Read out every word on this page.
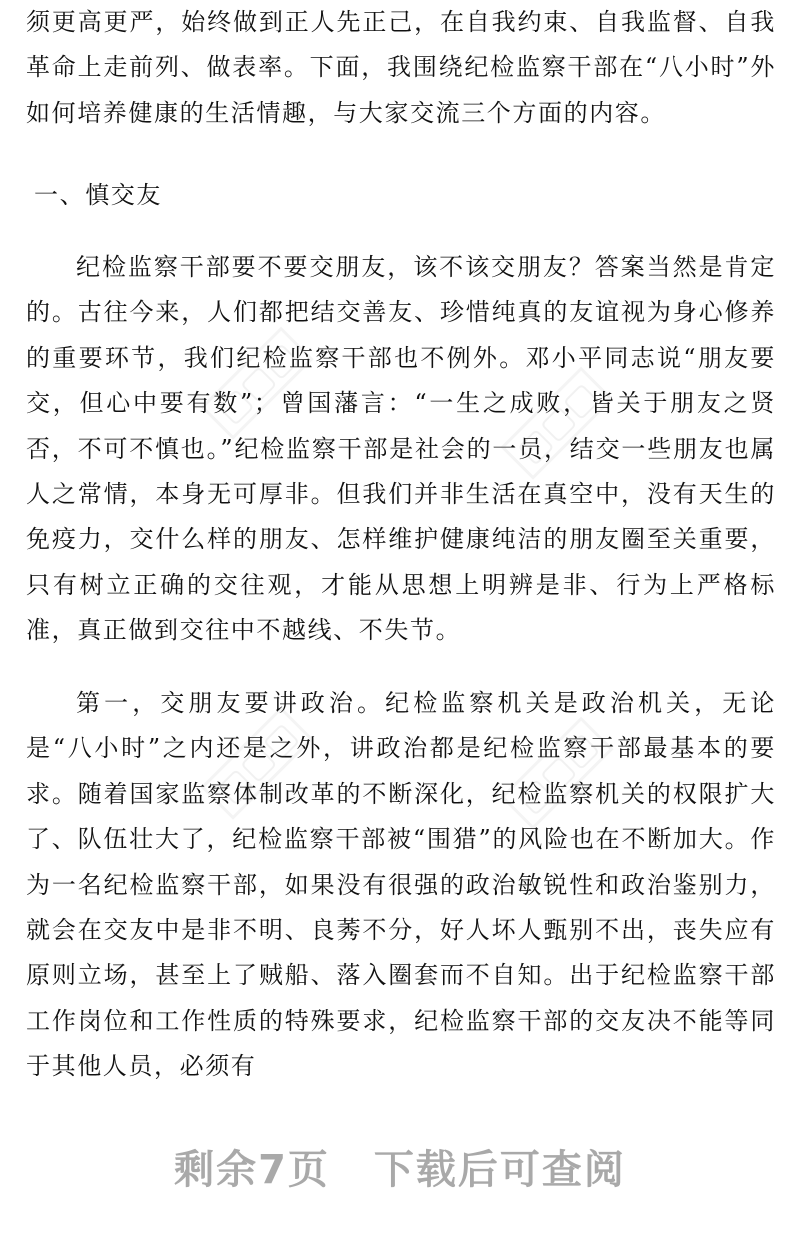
须更高更严，始终做到正人先正己，在自我约束、自我监督、自我革命上走前列、做表率。下面，我围绕纪检监察干部在“八小时”外如何培养健康的生活情趣，与大家交流三个方面的内容。

一、慎交友

纪检监察干部要不要交朋友，该不该交朋友？答案当然是肯定的。古往今来，人们都把结交善友、珍惜纯真的友谊视为身心修养的重要环节，我们纪检监察干部也不例外。邓小平同志说“朋友要交，但心中要有数”；曾国藩言：“一生之成败，皆关于朋友之贤否，不可不慎也。”纪检监察干部是社会的一员，结交一些朋友也属人之常情，本身无可厚非。但我们并非生活在真空中，没有天生的免疫力，交什么样的朋友、怎样维护健康纯洁的朋友圈至关重要，只有树立正确的交往观，才能从思想上明辨是非、行为上严格标准，真正做到交往中不越线、不失节。

第一，交朋友要讲政治。纪检监察机关是政治机关，无论是“八小时”之内还是之外，讲政治都是纪检监察干部最基本的要求。随着国家监察体制改革的不断深化，纪检监察机关的权限扩大了、队伍壮大了，纪检监察干部被“围猎”的风险也在不断加大。作为一名纪检监察干部，如果没有很强的政治敏锐性和政治鉴别力，就会在交友中是非不明、良莠不分，好人坏人甄别不出，丧失应有原则立场，甚至上了贼船、落入圈套而不自知。出于纪检监察干部工作岗位和工作性质的特殊要求，纪检监察干部的交友决不能等同于其他人员，必须有

▢▢▢	▢▢▢
▢▢▢	▢▢▢
剩余7页 下载后可查阅
